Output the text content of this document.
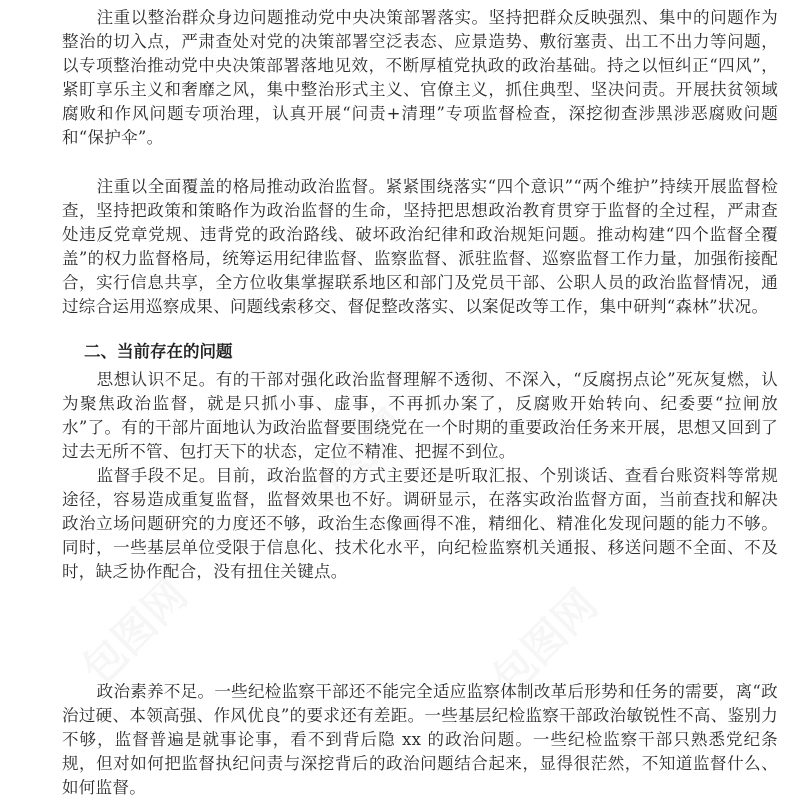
注重以整治群众身边问题推动党中央决策部署落实。坚持把群众反映强烈、集中的问题作为整治的切入点，严肃查处对党的决策部署空泛表态、应景造势、敷衍塞责、出工不出力等问题，以专项整治推动党中央决策部署落地见效，不断厚植党执政的政治基础。持之以恒纠正“四风”，紧盯享乐主义和奢靡之风，集中整治形式主义、官僚主义，抓住典型、坚决问责。开展扶贫领域腐败和作风问题专项治理，认真开展“问责+清理”专项监督检查，深挖彻查涉黑涉恶腐败问题和“保护伞”。

注重以全面覆盖的格局推动政治监督。紧紧围绕落实“四个意识”“两个维护”持续开展监督检查，坚持把政策和策略作为政治监督的生命，坚持把思想政治教育贯穿于监督的全过程，严肃查处违反党章党规、违背党的政治路线、破坏政治纪律和政治规矩问题。推动构建“四个监督全覆盖”的权力监督格局，统筹运用纪律监督、监察监督、派驻监督、巡察监督工作力量，加强衔接配合，实行信息共享，全方位收集掌握联系地区和部门及党员干部、公职人员的政治监督情况，通过综合运用巡察成果、问题线索移交、督促整改落实、以案促改等工作，集中研判“森林”状况。

二、当前存在的问题

思想认识不足。有的干部对强化政治监督理解不透彻、不深入，“反腐拐点论”死灰复燃，认为聚焦政治监督，就是只抓小事、虚事，不再抓办案了，反腐败开始转向、纪委要“拉闸放水”了。有的干部片面地认为政治监督要围绕党在一个时期的重要政治任务来开展，思想又回到了过去无所不管、包打天下的状态，定位不精准、把握不到位。

监督手段不足。目前，政治监督的方式主要还是听取汇报、个别谈话、查看台账资料等常规途径，容易造成重复监督，监督效果也不好。调研显示，在落实政治监督方面，当前查找和解决政治立场问题研究的力度还不够，政治生态像画得不准，精细化、精准化发现问题的能力不够。同时，一些基层单位受限于信息化、技术化水平，向纪检监察机关通报、移送问题不全面、不及时，缺乏协作配合，没有扭住关键点。

政治素养不足。一些纪检监察干部还不能完全适应监察体制改革后形势和任务的需要，离“政治过硬、本领高强、作风优良”的要求还有差距。一些基层纪检监察干部政治敏锐性不高、鉴别力不够，监督普遍是就事论事，看不到背后隐 xx 的政治问题。一些纪检监察干部只熟悉党纪条规，但对如何把监督执纪问责与深挖背后的政治问题结合起来，显得很茫然，不知道监督什么、如何监督。

包图网	包图网
包图网
